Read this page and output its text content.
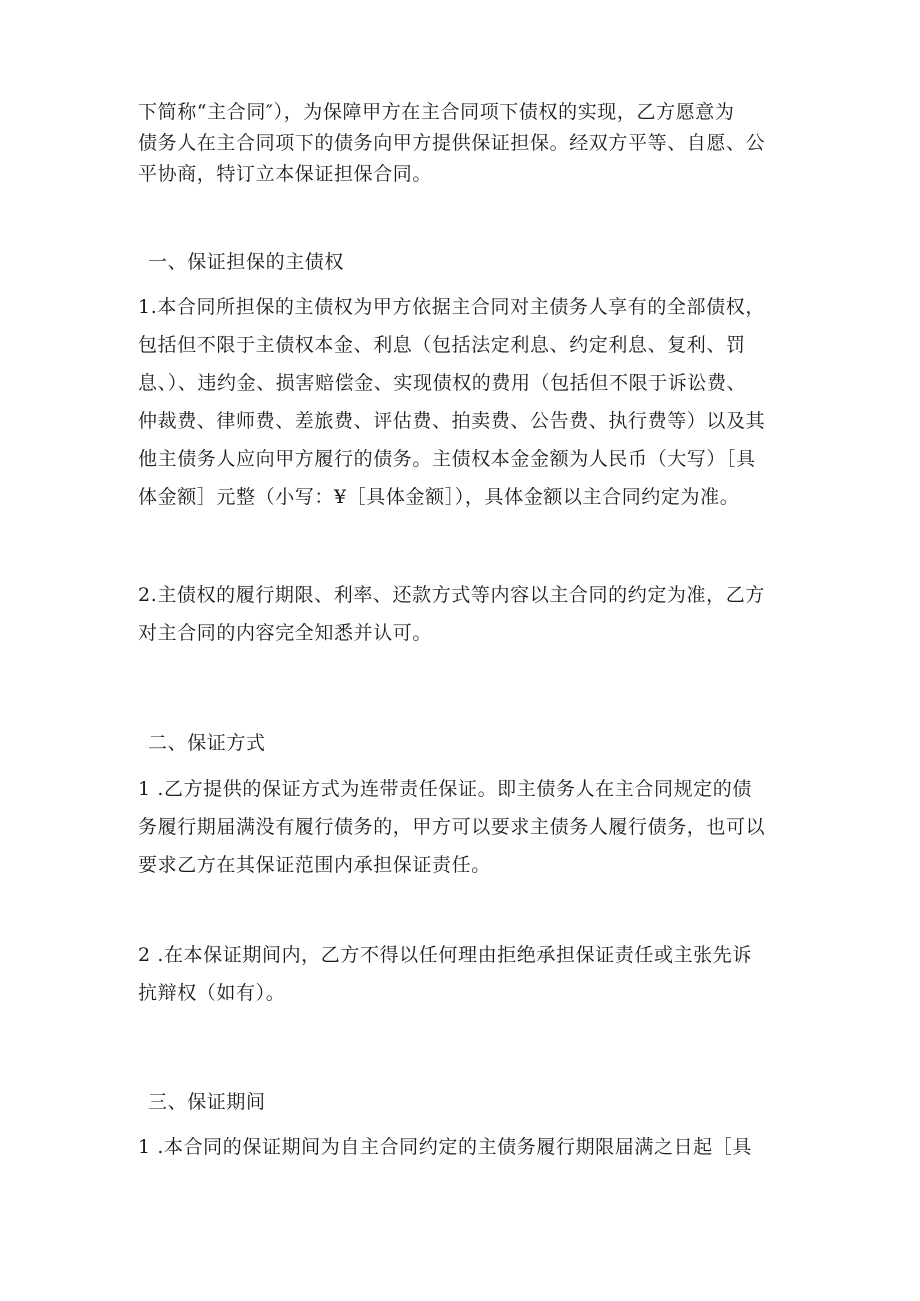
下简称“主合同″），为保障甲方在主合同项下债权的实现，乙方愿意为
债务人在主合同项下的债务向甲方提供保证担保。经双方平等、自愿、公
平协商，特订立本保证担保合同。

一、保证担保的主债权

1.本合同所担保的主债权为甲方依据主合同对主债务人享有的全部债权，
包括但不限于主债权本金、利息（包括法定利息、约定利息、复利、罚
息、）、违约金、损害赔偿金、实现债权的费用（包括但不限于诉讼费、
仲裁费、律师费、差旅费、评估费、拍卖费、公告费、执行费等）以及其
他主债务人应向甲方履行的债务。主债权本金金额为人民币（大写）［具
体金额］元整（小写：¥［具体金额］），具体金额以主合同约定为准。

2.主债权的履行期限、利率、还款方式等内容以主合同的约定为准，乙方
对主合同的内容完全知悉并认可。

二、保证方式

1 .乙方提供的保证方式为连带责任保证。即主债务人在主合同规定的债
务履行期届满没有履行债务的，甲方可以要求主债务人履行债务，也可以
要求乙方在其保证范围内承担保证责任。

2 .在本保证期间内，乙方不得以任何理由拒绝承担保证责任或主张先诉
抗辩权（如有）。

三、保证期间

1 .本合同的保证期间为自主合同约定的主债务履行期限届满之日起［具
